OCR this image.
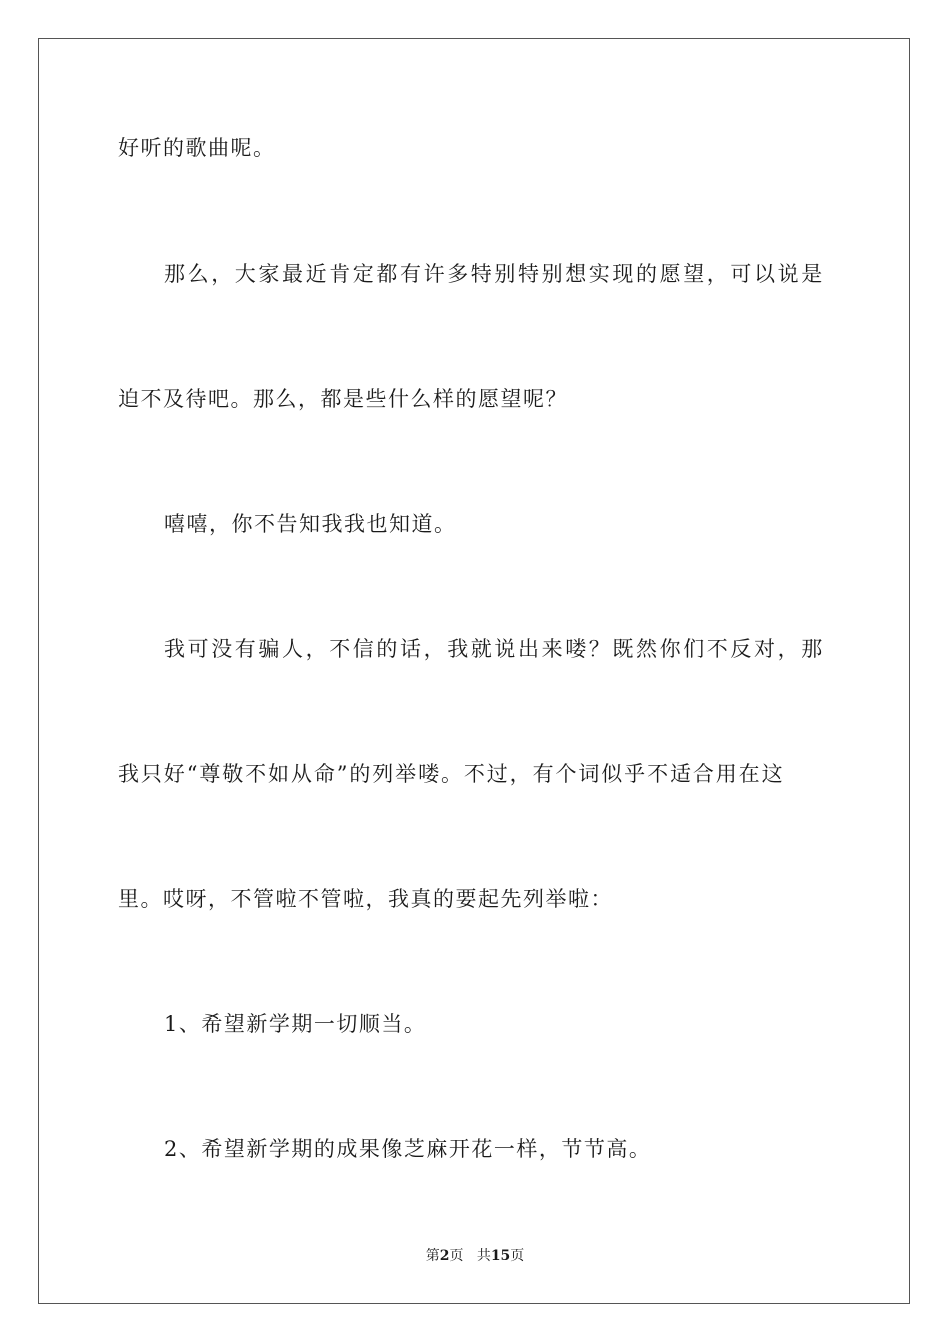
好听的歌曲呢。
那么，大家最近肯定都有许多特别特别想实现的愿望，可以说是
迫不及待吧。那么，都是些什么样的愿望呢？
嘻嘻，你不告知我我也知道。
我可没有骗人，不信的话，我就说出来喽？既然你们不反对，那
我只好“尊敬不如从命”的列举喽。不过，有个词似乎不适合用在这
里。哎呀，不管啦不管啦，我真的要起先列举啦：
1、希望新学期一切顺当。
2、希望新学期的成果像芝麻开花一样，节节高。
第2页 共15页
